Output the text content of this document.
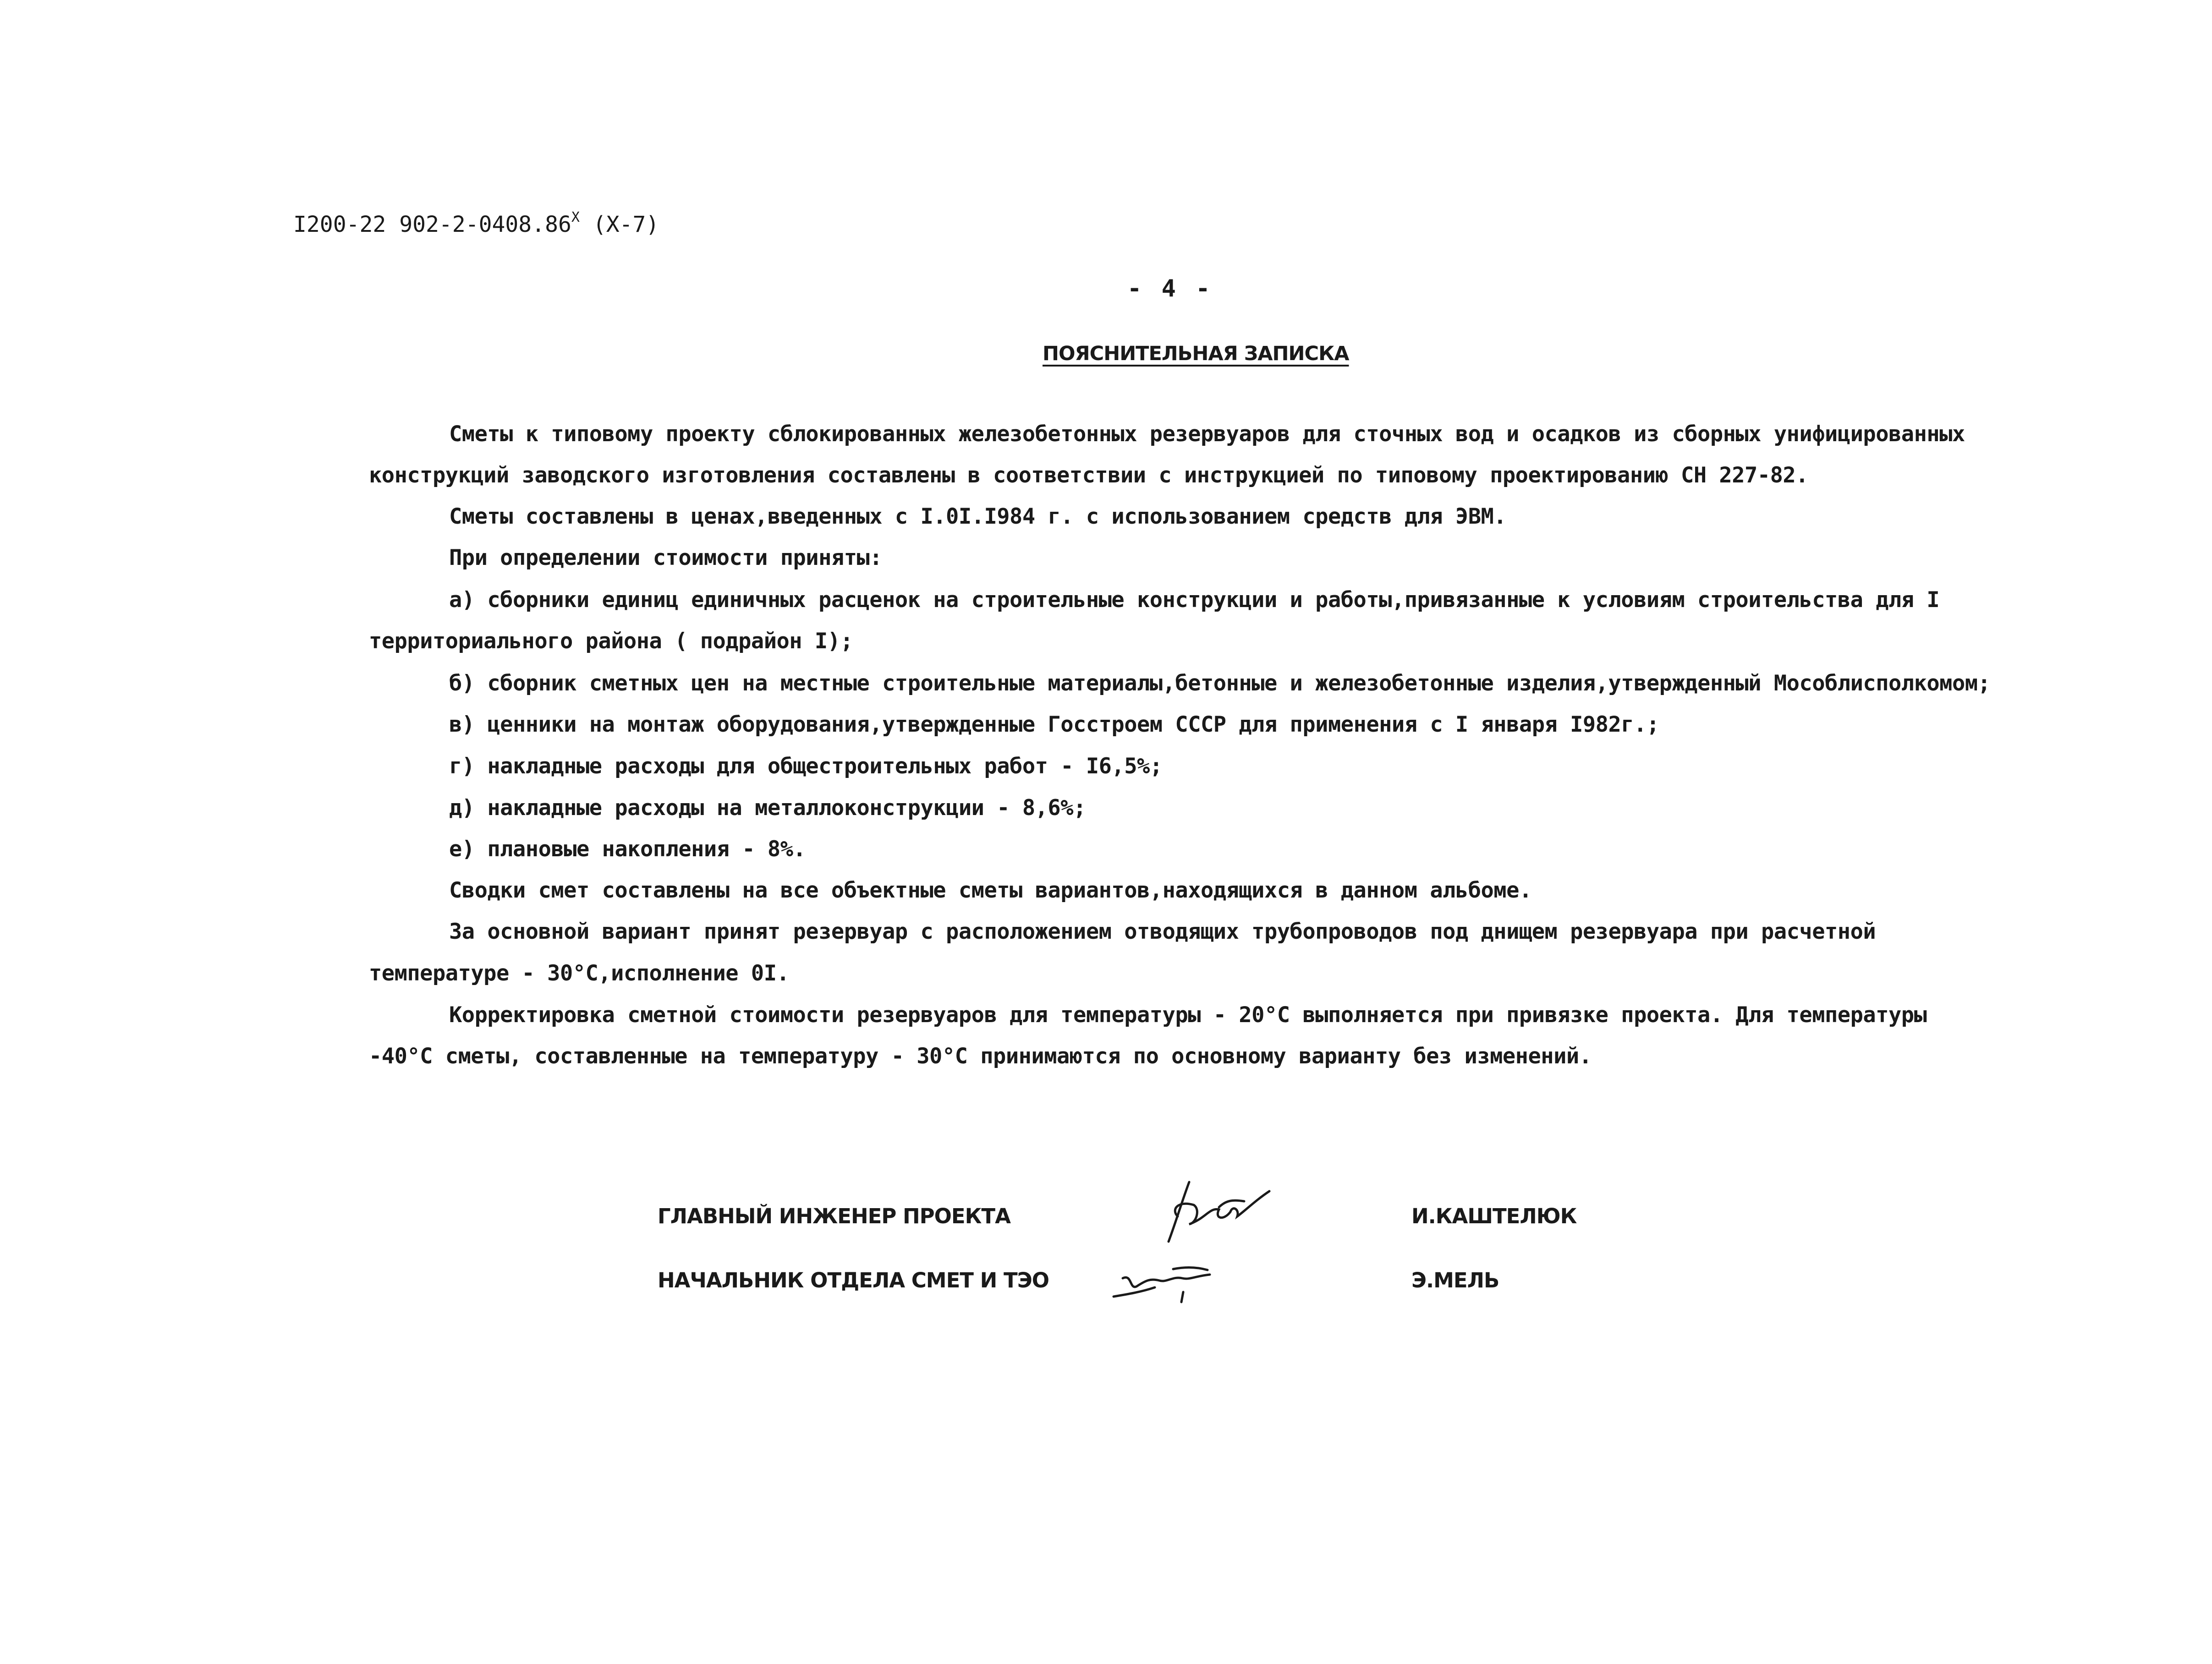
I200-22 $902-2-0408.86^X$ (X-7)
- 4 -
ПОЯСНИТЕЛЬНАЯ ЗАПИСКА
Сметы к типовому проекту сблокированных железобетонных резервуаров для сточных вод и осадков из сборных унифицированных
конструкций заводского изготовления составлены в соответствии с инструкцией по типовому проектированию СН 227-82.
Сметы составлены в ценах,введенных с I.0I.I984 г. с использованием средств для ЭВМ.
При определении стоимости приняты:
а) сборники единиц единичных расценок на строительные конструкции и работы,привязанные к условиям строительства для I
территориального района ( подрайон I);
б) сборник сметных цен на местные строительные материалы,бетонные и железобетонные изделия,утвержденный Мособлисполкомом;
в) ценники на монтаж оборудования,утвержденные Госстроем СССР для применения с I января I982г.;
г) накладные расходы для общестроительных работ - I6,5%;
д) накладные расходы на металлоконструкции - 8,6%;
е) плановые накопления - 8%.
Сводки смет составлены на все объектные сметы вариантов,находящихся в данном альбоме.
За основной вариант принят резервуар с расположением отводящих трубопроводов под днищем резервуара при расчетной
температуре - 30°С,исполнение 0I.
Корректировка сметной стоимости резервуаров для температуры - 20°С выполняется при привязке проекта. Для температуры
-40°С сметы, составленные на температуру - 30°С принимаются по основному варианту без изменений.
ГЛАВНЫЙ ИНЖЕНЕР ПРОЕКТА	И.КАШТЕЛЮК
НАЧАЛЬНИК ОТДЕЛА СМЕТ И ТЭО	Э.МЕЛЬ
